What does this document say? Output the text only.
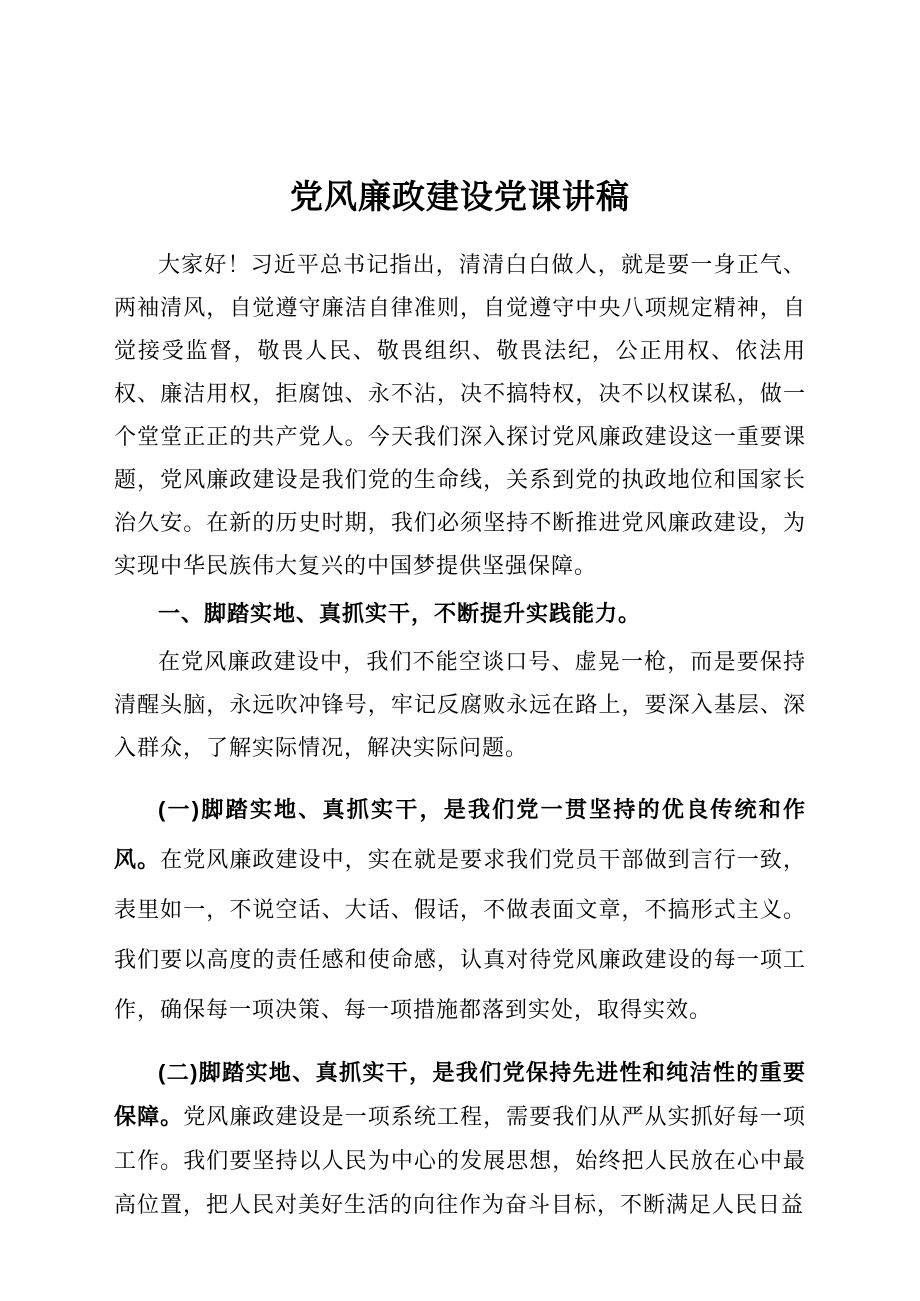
党风廉政建设党课讲稿

大家好！习近平总书记指出，清清白白做人，就是要一身正气、两袖清风，自觉遵守廉洁自律准则，自觉遵守中央八项规定精神，自觉接受监督，敬畏人民、敬畏组织、敬畏法纪，公正用权、依法用权、廉洁用权，拒腐蚀、永不沾，决不搞特权，决不以权谋私，做一个堂堂正正的共产党人。今天我们深入探讨党风廉政建设这一重要课题，党风廉政建设是我们党的生命线，关系到党的执政地位和国家长治久安。在新的历史时期，我们必须坚持不断推进党风廉政建设，为实现中华民族伟大复兴的中国梦提供坚强保障。

一、脚踏实地、真抓实干，不断提升实践能力。

在党风廉政建设中，我们不能空谈口号、虚晃一枪，而是要保持清醒头脑，永远吹冲锋号，牢记反腐败永远在路上，要深入基层、深入群众，了解实际情况，解决实际问题。

(一)脚踏实地、真抓实干，是我们党一贯坚持的优良传统和作风。在党风廉政建设中，实在就是要求我们党员干部做到言行一致，表里如一，不说空话、大话、假话，不做表面文章，不搞形式主义。我们要以高度的责任感和使命感，认真对待党风廉政建设的每一项工作，确保每一项决策、每一项措施都落到实处，取得实效。

(二)脚踏实地、真抓实干，是我们党保持先进性和纯洁性的重要保障。党风廉政建设是一项系统工程，需要我们从严从实抓好每一项工作。我们要坚持以人民为中心的发展思想，始终把人民放在心中最高位置，把人民对美好生活的向往作为奋斗目标，不断满足人民日益
